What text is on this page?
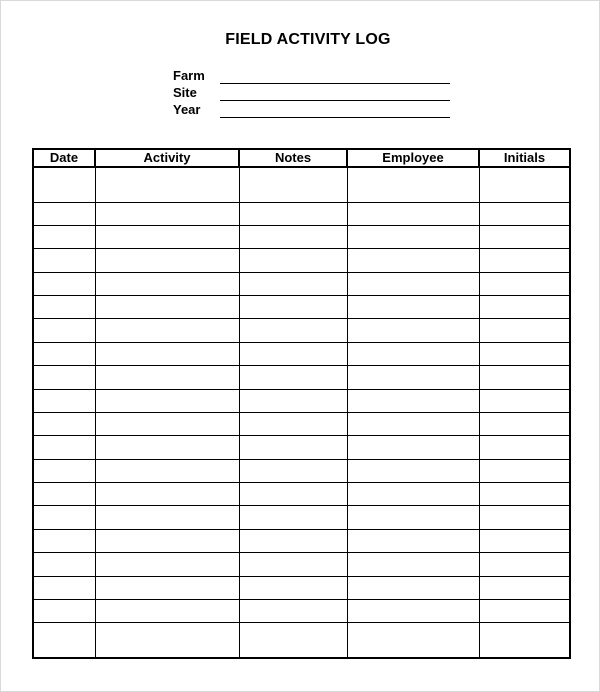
FIELD ACTIVITY LOG
Farm
Site
Year
Date	Activity	Notes	Employee	Initials
